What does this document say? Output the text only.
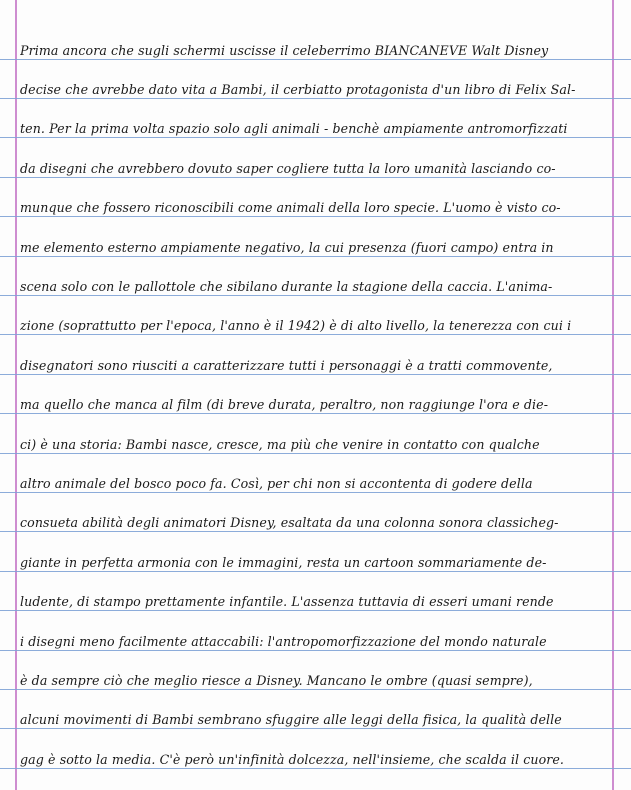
Prima ancora che sugli schermi uscisse il celeberrimo BIANCANEVE Walt Disney
decise che avrebbe dato vita a Bambi, il cerbiatto protagonista d'un libro di Felix Sal-
ten. Per la prima volta spazio solo agli animali - benchè ampiamente antromorfizzati
da disegni che avrebbero dovuto saper cogliere tutta la loro umanità lasciando co-
munque che fossero riconoscibili come animali della loro specie. L'uomo è visto co-
me elemento esterno ampiamente negativo, la cui presenza (fuori campo) entra in
scena solo con le pallottole che sibilano durante la stagione della caccia. L'anima-
zione (soprattutto per l'epoca, l'anno è il 1942) è di alto livello, la tenerezza con cui i
disegnatori sono riusciti a caratterizzare tutti i personaggi è a tratti commovente,
ma quello che manca al film (di breve durata, peraltro, non raggiunge l'ora e die-
ci) è una storia: Bambi nasce, cresce, ma più che venire in contatto con qualche
altro animale del bosco poco fa. Così, per chi non si accontenta di godere della
consueta abilità degli animatori Disney, esaltata da una colonna sonora classicheg-
giante in perfetta armonia con le immagini, resta un cartoon sommariamente de-
ludente, di stampo prettamente infantile. L'assenza tuttavia di esseri umani rende
i disegni meno facilmente attaccabili: l'antropomorfizzazione del mondo naturale
è da sempre ciò che meglio riesce a Disney. Mancano le ombre (quasi sempre),
alcuni movimenti di Bambi sembrano sfuggire alle leggi della fisica, la qualità delle
gag è sotto la media. C'è però un'infinità dolcezza, nell'insieme, che scalda il cuore.
